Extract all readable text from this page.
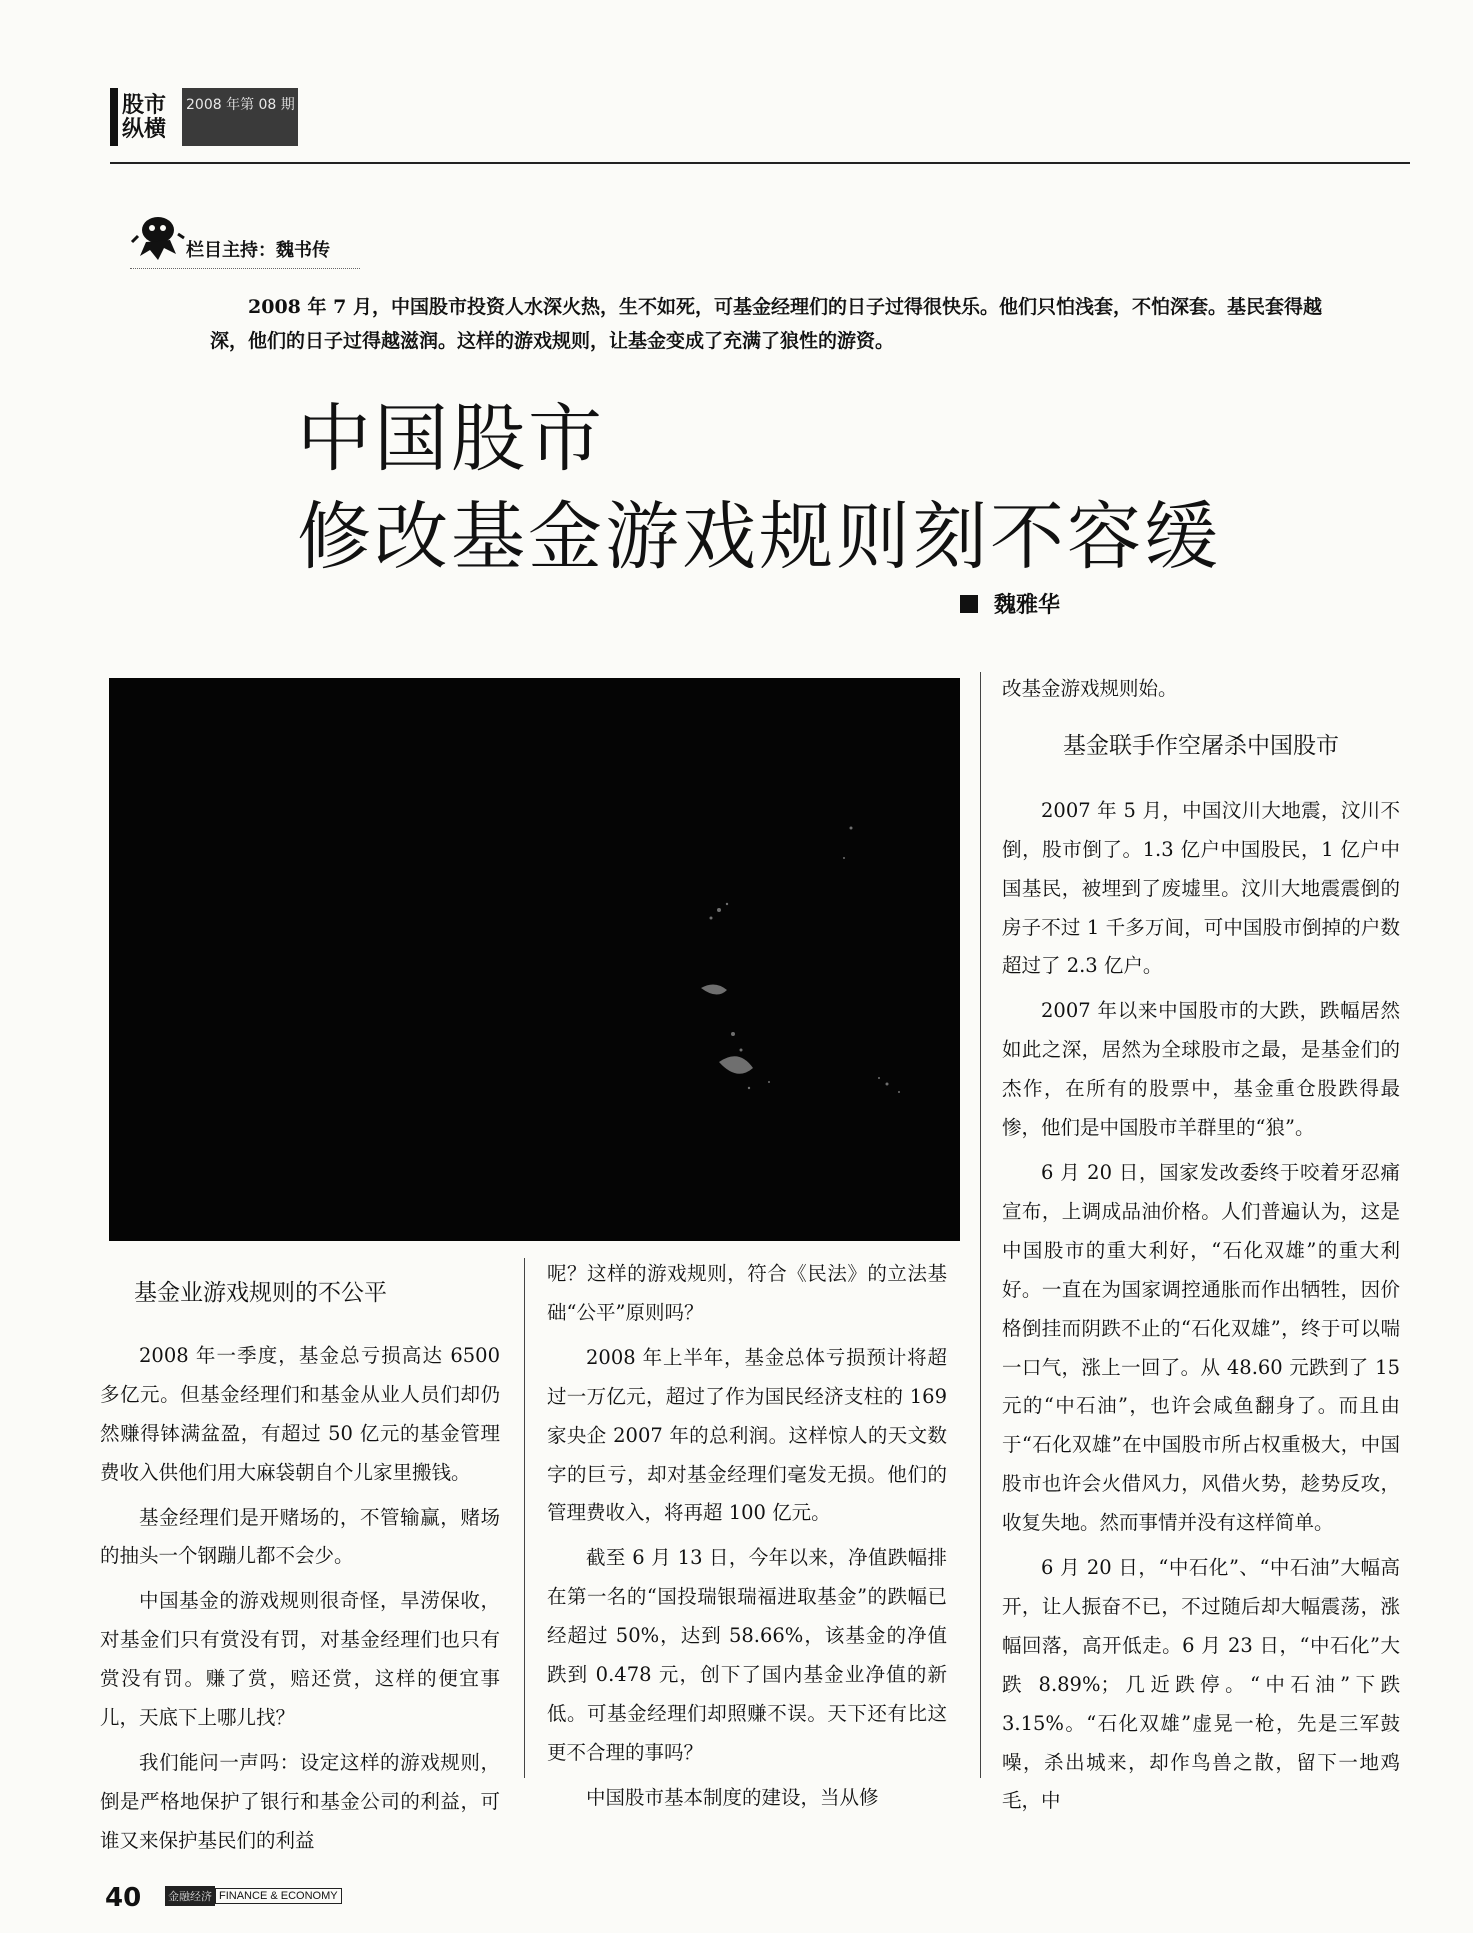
股市
纵横
2008 年第 08 期
栏目主持：魏书传
2008 年 7 月，中国股市投资人水深火热，生不如死，可基金经理们的日子过得很快乐。他们只怕浅套，不怕深套。基民套得越深，他们的日子过得越滋润。这样的游戏规则，让基金变成了充满了狼性的游资。
中国股市
修改基金游戏规则刻不容缓
魏雅华
基金业游戏规则的不公平

2008 年一季度，基金总亏损高达 6500 多亿元。但基金经理们和基金从业人员们却仍然赚得钵满盆盈，有超过 50 亿元的基金管理费收入供他们用大麻袋朝自个儿家里搬钱。

基金经理们是开赌场的，不管输赢，赌场的抽头一个钢蹦儿都不会少。

中国基金的游戏规则很奇怪，旱涝保收，对基金们只有赏没有罚，对基金经理们也只有赏没有罚。赚了赏，赔还赏，这样的便宜事儿，天底下上哪儿找？

我们能问一声吗：设定这样的游戏规则，倒是严格地保护了银行和基金公司的利益，可谁又来保护基民们的利益

呢？这样的游戏规则，符合《民法》的立法基础“公平”原则吗？

2008 年上半年，基金总体亏损预计将超过一万亿元，超过了作为国民经济支柱的 169 家央企 2007 年的总利润。这样惊人的天文数字的巨亏，却对基金经理们毫发无损。他们的管理费收入，将再超 100 亿元。

截至 6 月 13 日，今年以来，净值跌幅排在第一名的“国投瑞银瑞福进取基金”的跌幅已经超过 50%，达到 58.66%，该基金的净值跌到 0.478 元，创下了国内基金业净值的新低。可基金经理们却照赚不误。天下还有比这更不合理的事吗？

中国股市基本制度的建设，当从修

改基金游戏规则始。

基金联手作空屠杀中国股市

2007 年 5 月，中国汶川大地震，汶川不倒，股市倒了。1.3 亿户中国股民，1 亿户中国基民，被埋到了废墟里。汶川大地震震倒的房子不过 1 千多万间，可中国股市倒掉的户数超过了 2.3 亿户。

2007 年以来中国股市的大跌，跌幅居然如此之深，居然为全球股市之最，是基金们的杰作，在所有的股票中，基金重仓股跌得最惨，他们是中国股市羊群里的“狼”。

6 月 20 日，国家发改委终于咬着牙忍痛宣布，上调成品油价格。人们普遍认为，这是中国股市的重大利好，“石化双雄”的重大利好。一直在为国家调控通胀而作出牺牲，因价格倒挂而阴跌不止的“石化双雄”，终于可以喘一口气，涨上一回了。从 48.60 元跌到了 15 元的“中石油”，也许会咸鱼翻身了。而且由于“石化双雄”在中国股市所占权重极大，中国股市也许会火借风力，风借火势，趁势反攻，收复失地。然而事情并没有这样简单。

6 月 20 日，“中石化”、“中石油”大幅高开，让人振奋不已，不过随后却大幅震荡，涨幅回落，高开低走。6 月 23 日，“中石化”大跌 8.89%；几近跌停。“中石油”下跌 3.15%。“石化双雄”虚晃一枪，先是三军鼓噪，杀出城来，却作鸟兽之散，留下一地鸡毛，中

40 金融经济 FINANCE & ECONOMY
